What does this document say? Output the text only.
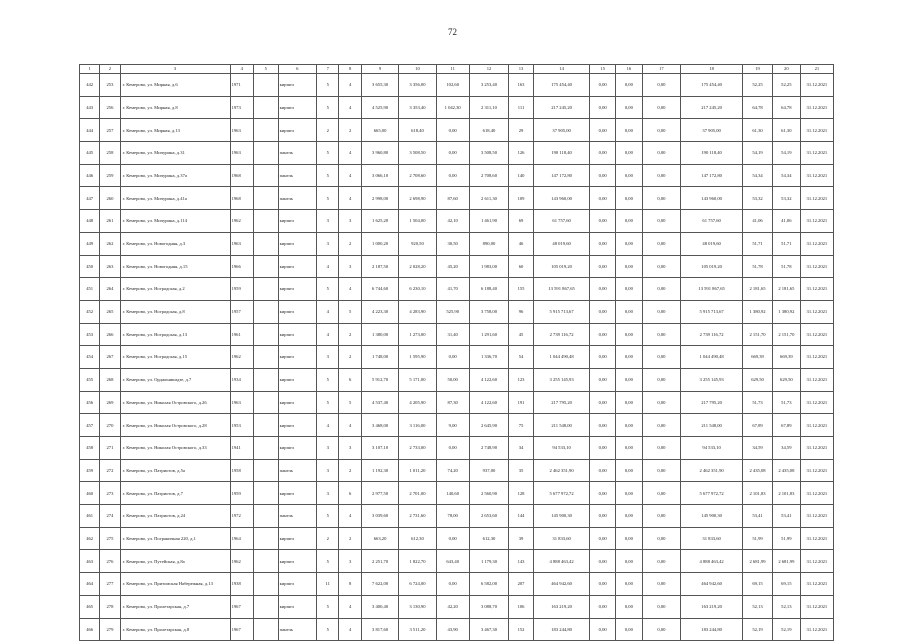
72
1	2	3	4	5	6	7	8	9	10	11	12	13	14	15	16	17	18	19	20	21
442	253	г. Кемерово, ул. Мирная, д.6	1971		кирпич	5	4	3 655,30	3 356,00	102,60	3 253,40	163	175 454,40	0,00	0,00	0,00	175 454,40	52,25	52,25	31.12.2021
443	256	г. Кемерово, ул. Мирная, д.8	1973		кирпич	5	4	4 525,90	3 353,40	1 042,30	2 311,10	111	217 245,20	0,00	0,00	0,00	217 245,20	64,78	64,78	31.12.2021
444	257	г. Кемерово, ул. Мирная, д.13	1963		кирпич	2	2	665,00	618,40	0,00	618,40	29	37 905,00	0,00	0,00	0,00	37 905,00	61,30	61,30	31.12.2021
445	258	г. Кемерово, ул. Мичурина, д.31	1963		панель	5	4	3 960,80	3 508,50	0,00	3 508,50	126	190 118,40	0,00	0,00	0,00	190 118,40	54,19	54,19	31.12.2021
446	259	г. Кемерово, ул. Мичурина, д.37а	1968		панель	5	4	3 066,10	2 708,60	0,00	2 708,60	140	147 172,80	0,00	0,00	0,00	147 172,80	54,34	54,34	31.12.2021
447	260	г. Кемерово, ул. Мичурина, д.41а	1968		панель	5	4	2 998,00	2 698,90	87,60	2 611,30	109	143 960,00	0,00	0,00	0,00	143 960,00	53,32	53,32	31.12.2021
448	261	г. Кемерово, ул. Мичурина, д.114	1962		кирпич	3	3	1 625,20	1 504,00	42,10	1 461,90	69	61 757,60	0,00	0,00	0,00	61 757,60	41,06	41,06	31.12.2021
449	262	г. Кемерово, ул. Новогодняя, д.3	1963		кирпич	3	2	1 000,20	920,50	30,50	890,00	46	48 019,60	0,00	0,00	0,00	48 019,60	51,71	51,71	31.12.2021
450	263	г. Кемерово, ул. Новогодняя, д.15	1966		кирпич	4	3	2 187,50	2 028,20	45,20	1 983,00	60	105 019,20	0,00	0,00	0,00	105 019,20	51,78	51,78	31.12.2021
451	264	г. Кемерово, ул. Ноградская, д.2	1959		кирпич	5	4	6 744,60	6 230,10	41,70	6 188,40	155	13 591 867,65	0,00	0,00	0,00	13 591 867,65	2 181,65	2 181,65	31.12.2021
452	265	г. Кемерово, ул. Ноградская, д.8	1957		кирпич	4	5	4 223,30	4 283,90	525,90	3 758,00	96	5 915 713,67	0,00	0,00	0,00	5 915 713,67	1 380,92	1 380,92	31.12.2021
453	266	г. Кемерово, ул. Ноградская, д.13	1961		кирпич	4	2	1 380,00	1 273,00	31,40	1 291,60	45	2 739 116,72	0,00	0,00	0,00	2 739 116,72	2 151,70	2 151,70	31.12.2021
454	267	г. Кемерово, ул. Ноградская, д.15	1962		кирпич	3	2	1 748,00	1 595,90	0,00	1 336,70	54	1 044 490,48	0,00	0,00	0,00	1 044 490,48	669,39	669,39	31.12.2021
455	268	г. Кемерово, ул. Орджоникидзе, д.7	1934		кирпич	5	6	5 912,70	5 171,00	50,00	4 122,60	123	3 255 145,93	0,00	0,00	0,00	3 255 145,93	629,50	629,50	31.12.2021
456	269	г. Кемерово, ул. Николая Островского, д.26	1963		кирпич	5	5	4 537,40	4 205,90	87,30	4 122,60	191	217 795,20	0,00	0,00	0,00	217 795,20	51,73	51,73	31.12.2021
457	270	г. Кемерово, ул. Николая Островского, д.28	1953		кирпич	4	4	3 468,00	3 116,00	9,00	2 645,90	75	211 548,00	0,00	0,00	0,00	211 548,00	67,89	67,89	31.12.2021
458	271	г. Кемерово, ул. Николая Островского, д.33	1941		кирпич	3	3	3 107,10	2 733,00	0,00	2 748,90	34	94 533,10	0,00	0,00	0,00	94 533,10	34,59	34,59	31.12.2021
459	272	г. Кемерово, ул. Патриотов, д.5а	1958		панель	3	2	1 192,30	1 011,20	74,20	937,00	35	2 462 351,90	0,00	0,00	0,00	2 462 351,90	2 435,08	2 435,08	31.12.2021
460	273	г. Кемерово, ул. Патриотов, д.7	1959		кирпич	3	6	2 977,50	2 701,00	140,60	2 560,90	128	5 677 972,72	0,00	0,00	0,00	5 677 972,72	2 101,83	2 101,83	31.12.2021
461	274	г. Кемерово, ул. Патриотов, д.24	1972		панель	5	4	3 039,60	2 731,60	78,00	2 653,60	144	145 900,30	0,00	0,00	0,00	145 900,30	53,41	53,41	31.12.2021
462	275	г. Кемерово, ул. Пограничная 220, д.1	1964		кирпич	2	2	663,20	612,30	0,00	612,30	39	31 833,60	0,00	0,00	0,00	31 833,60	51,99	51,99	31.12.2021
463	276	г. Кемерово, ул. Путейская, д.8а	1962		кирпич	5	3	2 251,70	1 822,70	643,40	1 179,30	143	4 888 463,42	0,00	0,00	0,00	4 888 463,42	2 681,99	2 681,99	31.12.2021
464	277	г. Кемерово, ул. Притомская Набережная, д.13	1938		кирпич	11	8	7 622,00	6 724,00	0,00	6 582,00	207	464 942,60	0,00	0,00	0,00	464 942,60	69,15	69,15	31.12.2021
465	278	г. Кемерово, ул. Пролетарская, д.7	1967		кирпич	5	4	3 400,40	3 130,90	42,20	3 088,70	106	163 219,20	0,00	0,00	0,00	163 219,20	52,13	52,13	31.12.2021
466	279	г. Кемерово, ул. Пролетарская, д.8	1967		панель	5	4	3 817,60	3 511,20	43,90	3 467,30	152	183 244,80	0,00	0,00	0,00	183 244,80	52,19	52,19	31.12.2021
